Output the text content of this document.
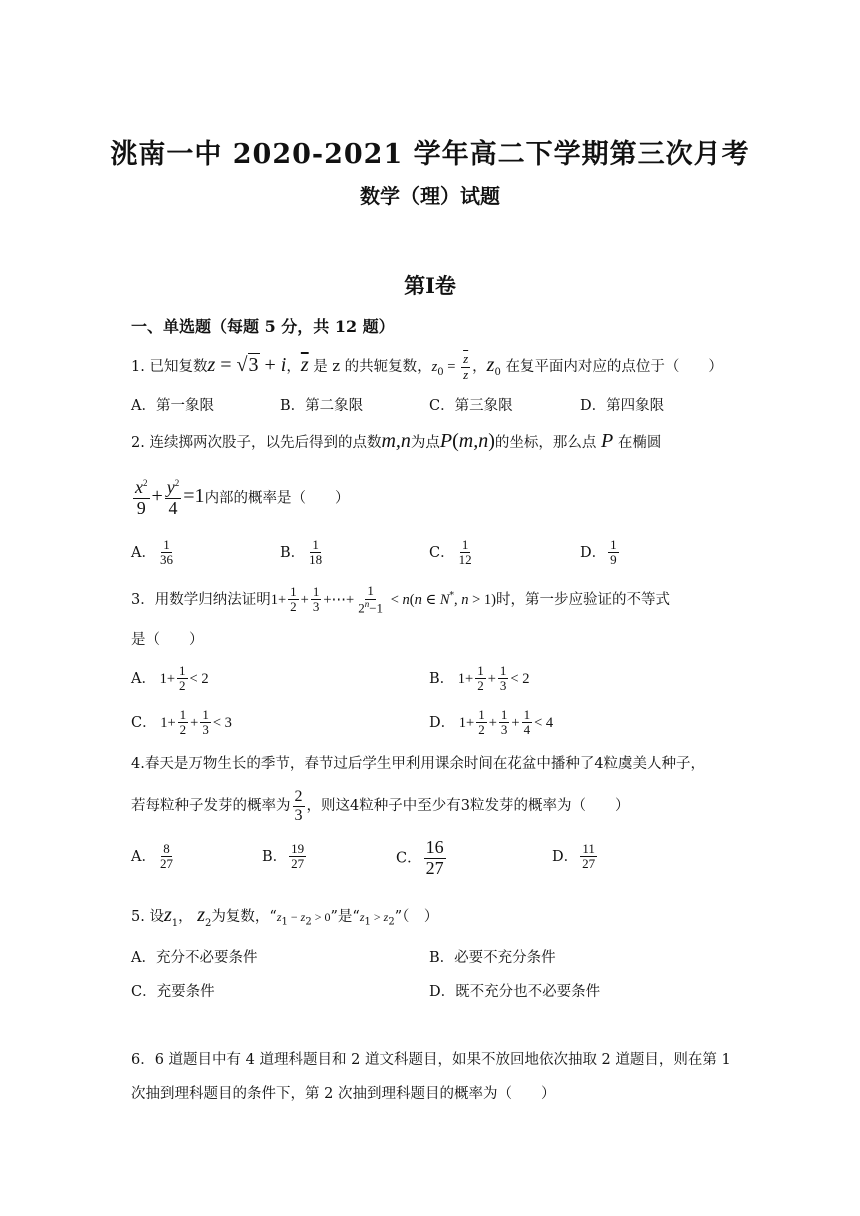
洮南一中 2020-2021 学年高二下学期第三次月考
数学（理）试题
第Ⅰ卷
一、单选题（每题 5 分，共 12 题）
1. 已知复数z = √3 + i，$\overline{z}$ 是 z 的共轭复数，$z_0 = \frac{\overline{z}}{z}$ ，$z_0$ 在复平面内对应的点位于（　　）
A．第一象限	B．第二象限	C．第三象限	D．第四象限
2. 连续掷两次股子，以先后得到的点数m,n为点P(m,n)的坐标，那么点 P 在椭圆
$\frac{x^2}{9} + \frac{y^2}{4} =1$内部的概率是（　　）
A． $\frac{1}{36}$	B． $\frac{1}{18}$	C． $\frac{1}{12}$	D． $\frac{1}{9}$
3．用数学归纳法证明$1+ \frac{1}{2} + \frac{1}{3}$ +⋯+ $\frac{1}{2^n-1} < n(n$ ∈ N*, n > 1)时，第一步应验证的不等式
是（　　）
A． $1+ \frac{1}{2} < 2$	B． $1+ \frac{1}{2} + \frac{1}{3} < 2$
C． $1+ \frac{1}{2} + \frac{1}{3} < 3$	D． $1+ \frac{1}{2} + \frac{1}{3} + \frac{1}{4} < 4$
4.春天是万物生长的季节，春节过后学生甲利用课余时间在花盆中播种了4粒虞美人种子，
若每粒种子发芽的概率为 $\frac{2}{3}$ ，则这4粒种子中至少有3粒发芽的概率为（　　）
A． $\frac{8}{27}$	B． $\frac{19}{27}$	C． $\frac{16}{27}$	D． $\frac{11}{27}$
5. 设$z_1$， $z_2$为复数，“$z_1 - z_2 > 0$”是“$z_1$ > $z_2$”（　）
A．充分不必要条件	B．必要不充分条件
C．充要条件	D．既不充分也不必要条件
6．6 道题目中有 4 道理科题目和 2 道文科题目，如果不放回地依次抽取 2 道题目，则在第 1
次抽到理科题目的条件下，第 2 次抽到理科题目的概率为（　　）
